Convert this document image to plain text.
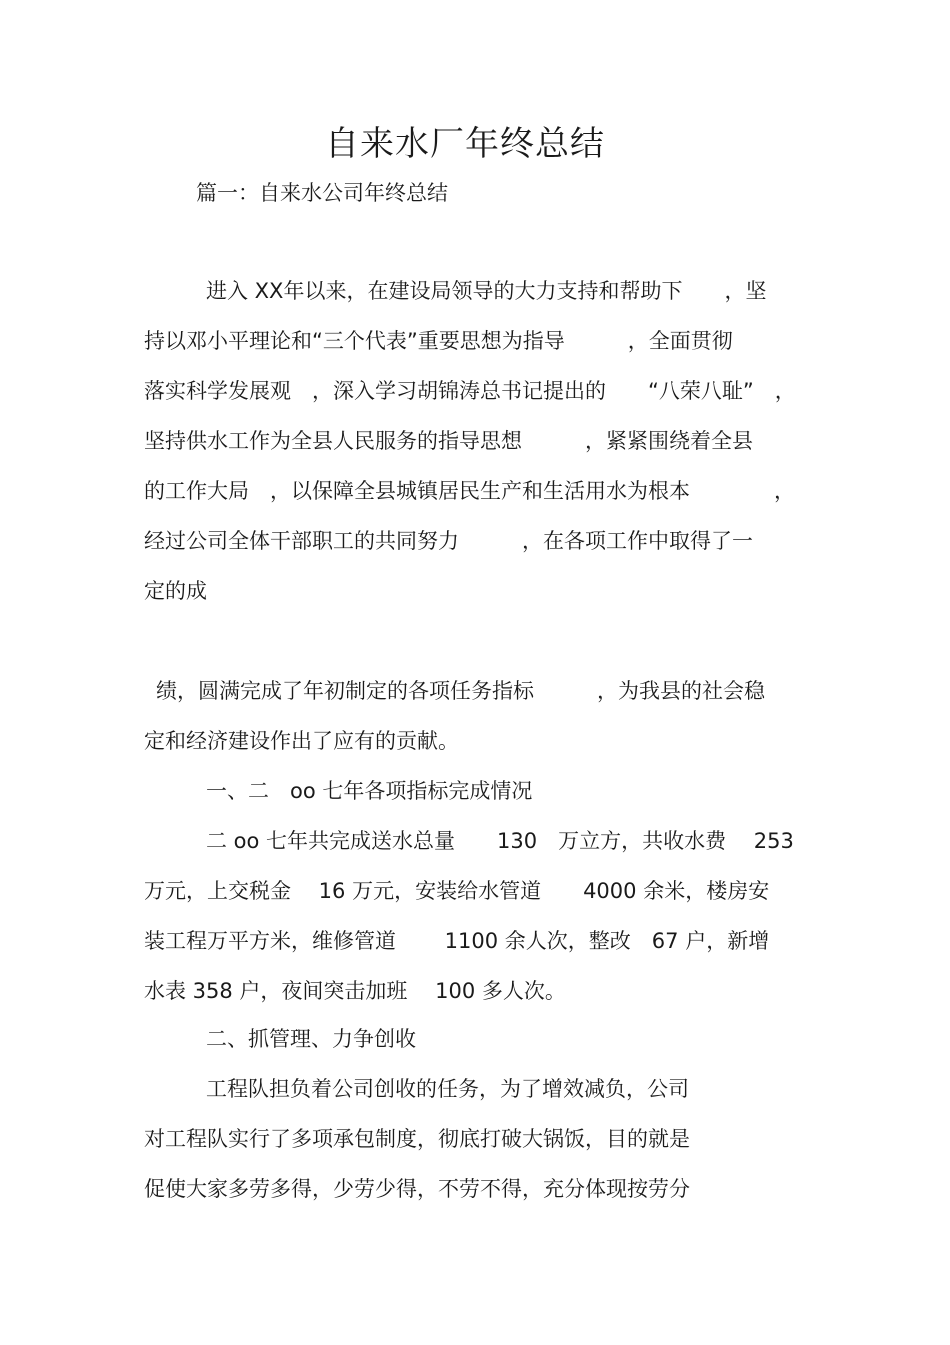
自来水厂年终总结
篇一：自来水公司年终总结
进入 XX年以来，在建设局领导的大力支持和帮助下　　，坚
持以邓小平理论和“三个代表”重要思想为指导　　　，全面贯彻
落实科学发展观　，深入学习胡锦涛总书记提出的　　“八荣八耻”　，
坚持供水工作为全县人民服务的指导思想　　　，紧紧围绕着全县
的工作大局　，以保障全县城镇居民生产和生活用水为根本　　　　，
经过公司全体干部职工的共同努力　　　，在各项工作中取得了一
定的成
绩，圆满完成了年初制定的各项任务指标　　　，为我县的社会稳
定和经济建设作出了应有的贡献。
一、二　oo 七年各项指标完成情况
二 oo 七年共完成送水总量　　130　万立方，共收水费　 253
万元，上交税金　 16 万元，安装给水管道　　4000 余米，楼房安
装工程万平方米，维修管道　　 1100 余人次，整改　67 户，新增
水表 358 户，夜间突击加班　 100 多人次。
二、抓管理、力争创收
工程队担负着公司创收的任务，为了增效减负，公司
对工程队实行了多项承包制度，彻底打破大锅饭，目的就是
促使大家多劳多得，少劳少得，不劳不得，充分体现按劳分
